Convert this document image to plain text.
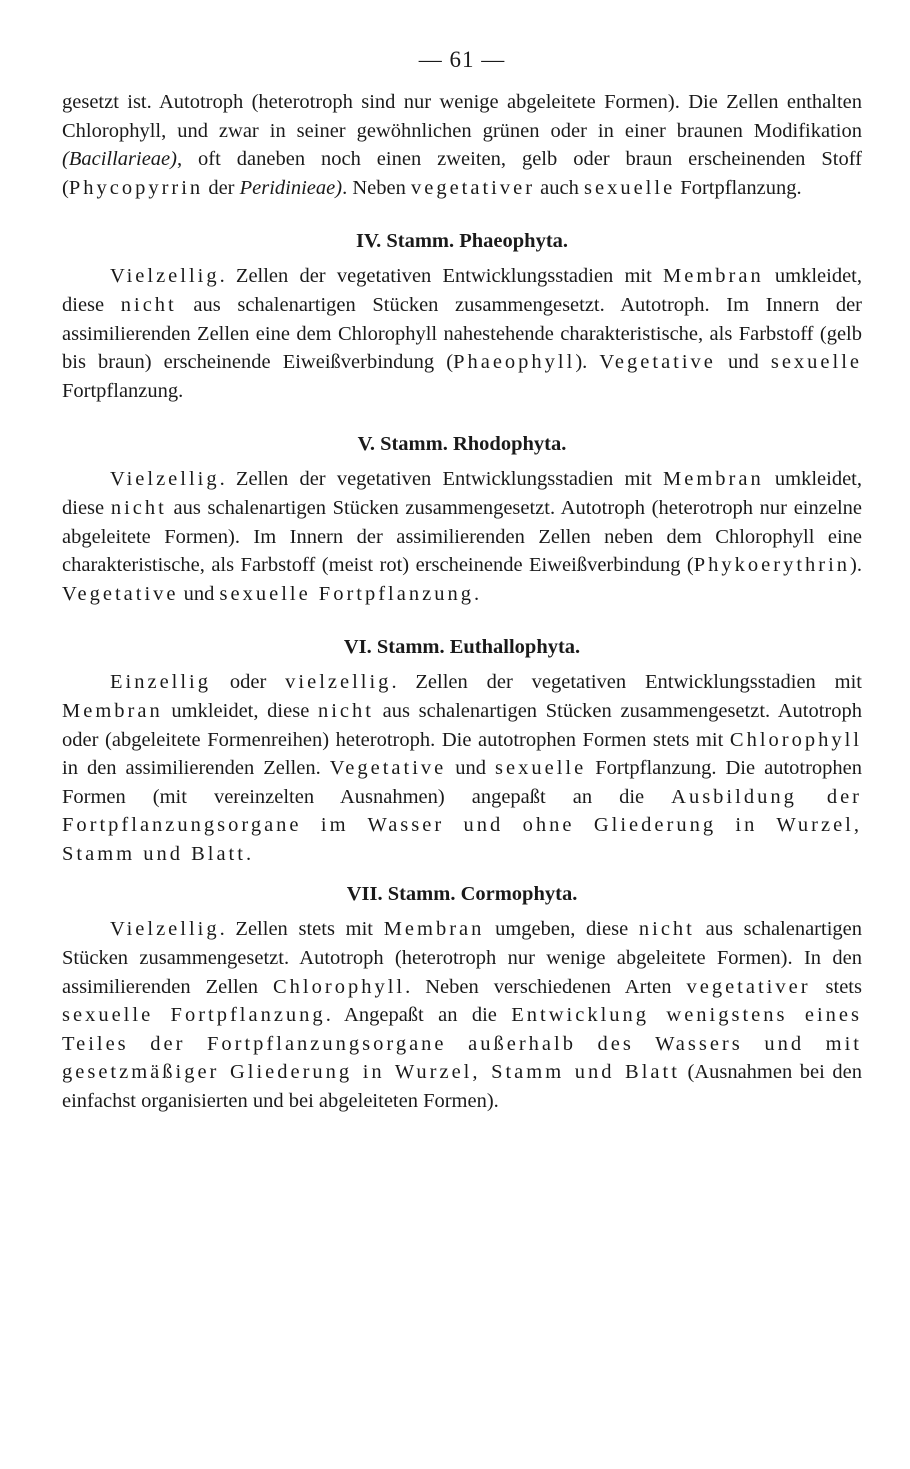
— 61 —

gesetzt ist. Autotroph (heterotroph sind nur wenige abgeleitete Formen). Die Zellen enthalten Chlorophyll, und zwar in seiner gewöhnlichen grünen oder in einer braunen Modifikation (Bacillarieae), oft daneben noch einen zweiten, gelb oder braun erscheinenden Stoff (Phycopyrrin der Peridinieae). Neben vegetativer auch sexuelle Fortpflanzung.

IV. Stamm. Phaeophyta.

Vielzellig. Zellen der vegetativen Entwicklungsstadien mit Membran umkleidet, diese nicht aus schalenartigen Stücken zusammengesetzt. Autotroph. Im Innern der assimilierenden Zellen eine dem Chlorophyll nahestehende charakteristische, als Farbstoff (gelb bis braun) erscheinende Eiweißverbindung (Phaeophyll). Vegetative und sexuelle Fortpflanzung.

V. Stamm. Rhodophyta.

Vielzellig. Zellen der vegetativen Entwicklungsstadien mit Membran umkleidet, diese nicht aus schalenartigen Stücken zusammengesetzt. Autotroph (heterotroph nur einzelne abgeleitete Formen). Im Innern der assimilierenden Zellen neben dem Chlorophyll eine charakteristische, als Farbstoff (meist rot) erscheinende Eiweißverbindung (Phykoerythrin). Vegetative und sexuelle Fortpflanzung.

VI. Stamm. Euthallophyta.

Einzellig oder vielzellig. Zellen der vegetativen Entwicklungsstadien mit Membran umkleidet, diese nicht aus schalenartigen Stücken zusammengesetzt. Autotroph oder (abgeleitete Formenreihen) heterotroph. Die autotrophen Formen stets mit Chlorophyll in den assimilierenden Zellen. Vegetative und sexuelle Fortpflanzung. Die autotrophen Formen (mit vereinzelten Ausnahmen) angepaßt an die Ausbildung der Fortpflanzungsorgane im Wasser und ohne Gliederung in Wurzel, Stamm und Blatt.

VII. Stamm. Cormophyta.

Vielzellig. Zellen stets mit Membran umgeben, diese nicht aus schalenartigen Stücken zusammengesetzt. Autotroph (heterotroph nur wenige abgeleitete Formen). In den assimilierenden Zellen Chlorophyll. Neben verschiedenen Arten vegetativer stets sexuelle Fortpflanzung. Angepaßt an die Entwicklung wenigstens eines Teiles der Fortpflanzungsorgane außerhalb des Wassers und mit gesetzmäßiger Gliederung in Wurzel, Stamm und Blatt (Ausnahmen bei den einfachst organisierten und bei abgeleiteten Formen).
